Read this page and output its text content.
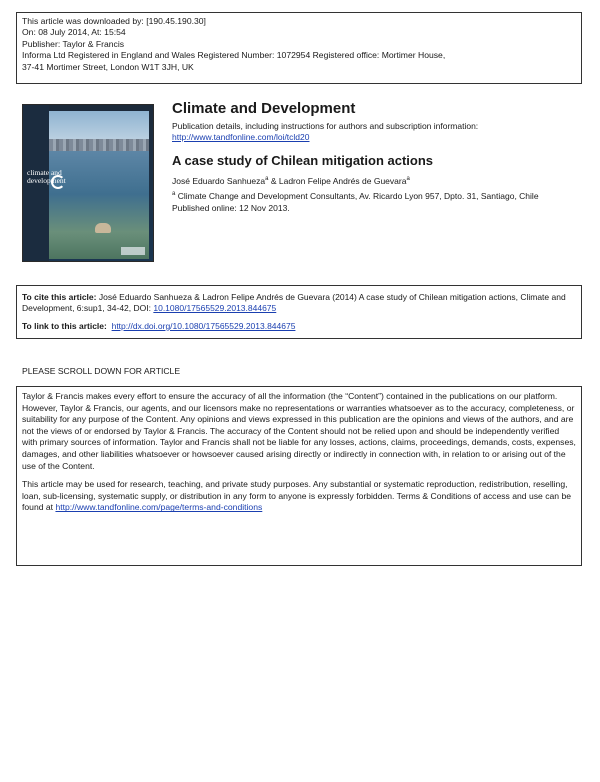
This article was downloaded by: [190.45.190.30]
On: 08 July 2014, At: 15:54
Publisher: Taylor & Francis
Informa Ltd Registered in England and Wales Registered Number: 1072954 Registered office: Mortimer House,
37-41 Mortimer Street, London W1T 3JH, UK
climate and
development
Climate and Development
Publication details, including instructions for authors and subscription information:
http://www.tandfonline.com/loi/tcld20
A case study of Chilean mitigation actions
José Eduardo Sanhueza$^a$ & Ladron Felipe Andrés de Guevara$^a$
$^a$ Climate Change and Development Consultants, Av. Ricardo Lyon 957, Dpto. 31, Santiago, Chile
Published online: 12 Nov 2013.
To cite this article: José Eduardo Sanhueza & Ladron Felipe Andrés de Guevara (2014) A case study of Chilean mitigation actions, Climate and Development, 6:sup1, 34-42, DOI: 10.1080/17565529.2013.844675
To link to this article: http://dx.doi.org/10.1080/17565529.2013.844675
PLEASE SCROLL DOWN FOR ARTICLE

Taylor & Francis makes every effort to ensure the accuracy of all the information (the “Content”) contained in the publications on our platform. However, Taylor & Francis, our agents, and our licensors make no representations or warranties whatsoever as to the accuracy, completeness, or suitability for any purpose of the Content. Any opinions and views expressed in this publication are the opinions and views of the authors, and are not the views of or endorsed by Taylor & Francis. The accuracy of the Content should not be relied upon and should be independently verified with primary sources of information. Taylor and Francis shall not be liable for any losses, actions, claims, proceedings, demands, costs, expenses, damages, and other liabilities whatsoever or howsoever caused arising directly or indirectly in connection with, in relation to or arising out of the use of the Content.

This article may be used for research, teaching, and private study purposes. Any substantial or systematic reproduction, redistribution, reselling, loan, sub-licensing, systematic supply, or distribution in any form to anyone is expressly forbidden. Terms & Conditions of access and use can be found at http://www.tandfonline.com/page/terms-and-conditions
